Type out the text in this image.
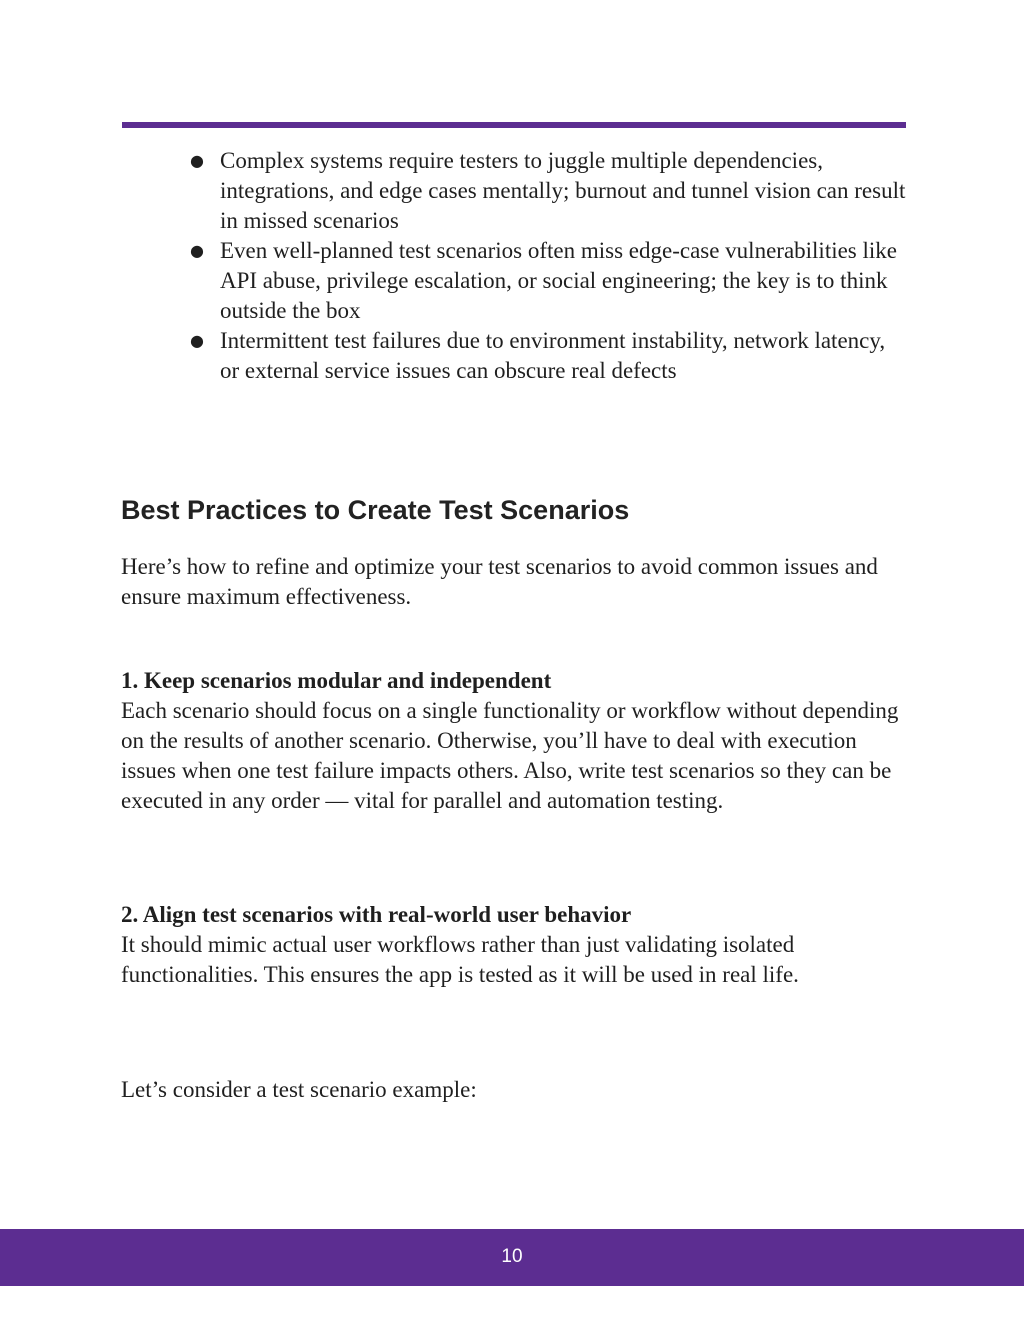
● Complex systems require testers to juggle multiple dependencies, integrations, and edge cases mentally; burnout and tunnel vision can result in missed scenarios
● Even well-planned test scenarios often miss edge-case vulnerabilities like API abuse, privilege escalation, or social engineering; the key is to think outside the box
● Intermittent test failures due to environment instability, network latency, or external service issues can obscure real defects
Best Practices to Create Test Scenarios

Here’s how to refine and optimize your test scenarios to avoid common issues and ensure maximum effectiveness.

1. Keep scenarios modular and independent
Each scenario should focus on a single functionality or workflow without depending on the results of another scenario. Otherwise, you’ll have to deal with execution issues when one test failure impacts others. Also, write test scenarios so they can be executed in any order — vital for parallel and automation testing.

2. Align test scenarios with real-world user behavior
It should mimic actual user workflows rather than just validating isolated functionalities. This ensures the app is tested as it will be used in real life.

Let’s consider a test scenario example:

10
